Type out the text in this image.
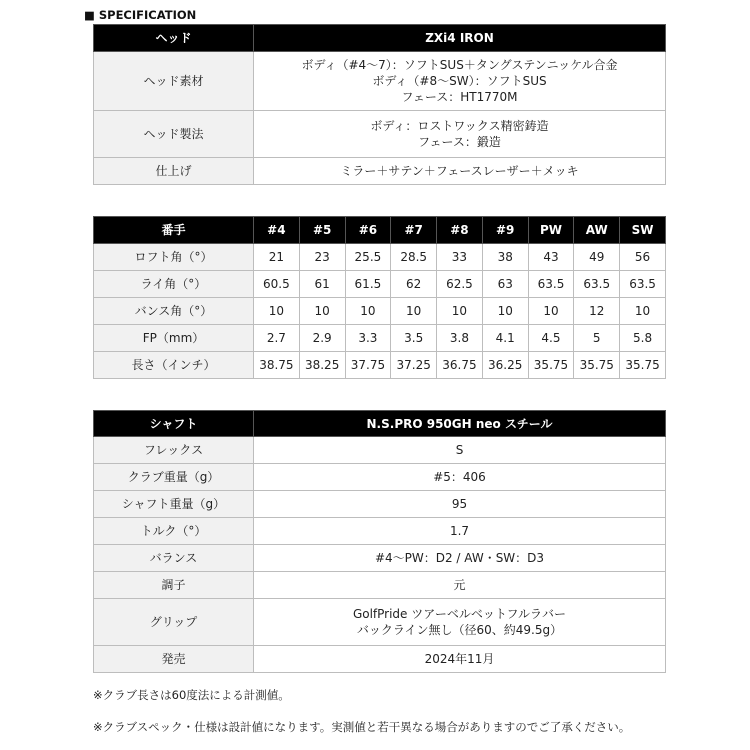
■ SPECIFICATION
ヘッド	ZXi4 IRON
ヘッド素材	ボディ（#4～7）：ソフトSUS＋タングステンニッケル合金
ボディ（#8～SW）：ソフトSUS
フェース：HT1770M

ヘッド製法	ボディ：ロストワックス精密鋳造
フェース：鍛造

仕上げ	ミラー＋サテン＋フェースレーザー＋メッキ
番手	#4	#5	#6	#7	#8	#9	PW	AW	SW
ロフト角（°）	21	23	25.5	28.5	33	38	43	49	56
ライ角（°）	60.5	61	61.5	62	62.5	63	63.5	63.5	63.5
バンス角（°）	10	10	10	10	10	10	10	12	10
FP（mm）	2.7	2.9	3.3	3.5	3.8	4.1	4.5	5	5.8
長さ（インチ）	38.75	38.25	37.75	37.25	36.75	36.25	35.75	35.75	35.75
シャフト	N.S.PRO 950GH neo スチール
フレックス	S
クラブ重量（g）	#5：406
シャフト重量（g）	95
トルク（°）	1.7
バランス	#4～PW：D2 / AW・SW：D3
調子	元
グリップ	GolfPride ツアーベルベットフルラバー
バックライン無し（径60、約49.5g）

発売	2024年11月
※クラブ長さは60度法による計測値。
※クラブスペック・仕様は設計値になります。実測値と若干異なる場合がありますのでご了承ください。
